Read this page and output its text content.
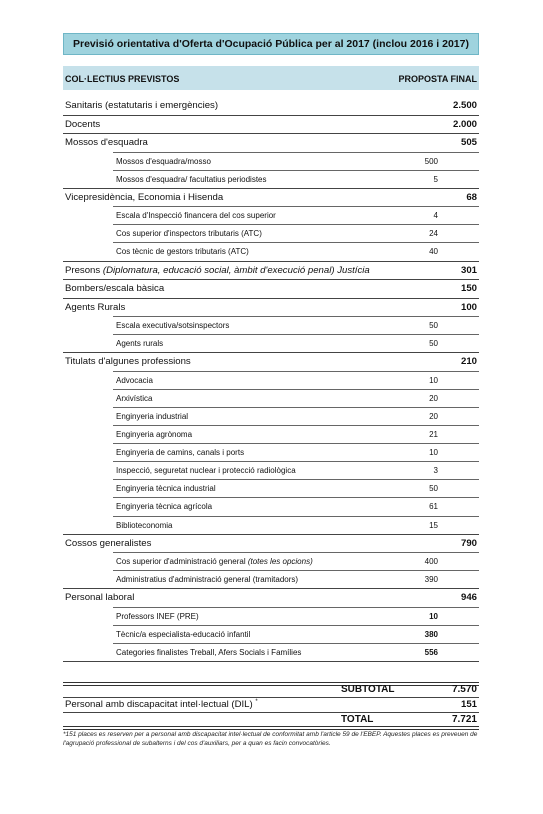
Previsió orientativa d'Oferta d'Ocupació Pública per al 2017 (inclou 2016 i 2017)
COL·LECTIUS PREVISTOS	PROPOSTA FINAL
Sanitaris (estatutaris i emergències)	2.500
Docents	2.000
Mossos d'esquadra	505
Mossos d'esquadra/mosso	500
Mossos d'esquadra/ facultatius periodistes	5
Vicepresidència, Economia i Hisenda	68
Escala d'Inspecció financera del cos superior	4
Cos superior d'inspectors tributaris (ATC)	24
Cos tècnic de gestors tributaris (ATC)	40
Presons (Diplomatura, educació social, àmbit d'execució penal) Justícia	301
Bombers/escala bàsica	150
Agents Rurals	100
Escala executiva/sotsinspectors	50
Agents rurals	50
Titulats d'algunes professions	210
Advocacia	10
Arxivística	20
Enginyeria industrial	20
Enginyeria agrònoma	21
Enginyeria de camins, canals i ports	10
Inspecció, seguretat nuclear i protecció radiològica	3
Enginyeria tècnica industrial	50
Enginyeria tècnica agrícola	61
Biblioteconomia	15
Cossos generalistes	790
Cos superior d'administració general (totes les opcions)	400
Administratius d'administració general (tramitadors)	390
Personal laboral	946
Professors INEF (PRE)	10
Tècnic/a especialista-educació infantil	380
Categories finalistes Treball, Afers Socials i Famílies	556
SUBTOTAL	7.570
Personal amb discapacitat intel·lectual (DIL) *	151
TOTAL	7.721
*151 places es reserven per a personal amb discapacitat intel·lectual de conformitat amb l'article 59 de l'EBEP. Aquestes places es preveuen de l'agrupació professional de subalterns i del cos d'auxiliars, per a quan es facin convocatòries.
